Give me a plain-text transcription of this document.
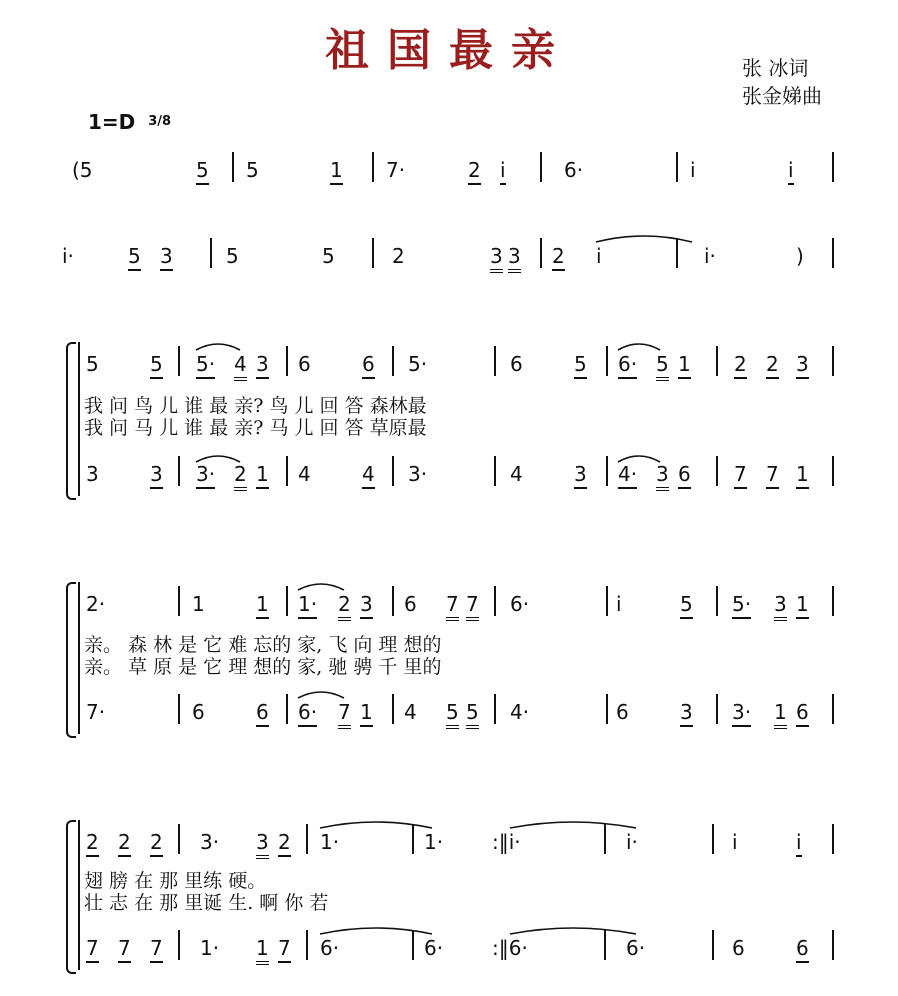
祖国最亲	张 冰词
张金娣曲
1=D $^{3/8}$
(5	5 5	1 7·	2 i	6·	i	i
i·	5 3	5	5	2	3 3 2 i	i·	)
5	5 5· 4 3 6	6 5·	6	5 6· 5 1 2 2 3
3	3 3· 2 1 4	4 3·	4	3 4· 3 6 7 7 1
我 问 鸟 儿 谁 最 亲? 鸟 儿 回 答 森林最
我 问 马 儿 谁 最 亲? 马 儿 回 答 草原最
2·	1	1 1· 2 3 6 7 7 6·	i	5 5· 3 1
7·	6	6 6· 7 1 4 5 5 4·	6	3 3· 1 6
亲。 森 林 是 它 难 忘的 家, 飞 向 理 想的
亲。 草 原 是 它 理 想的 家, 驰 骋 千 里的
2 2 2 3· 3 2 1·	1· :‖i·	i·	i	i
7 7 7 1· 1 7 6·	6· :‖6·	6·	6	6
翅 膀 在 那 里练 硬。
壮 志 在 那 里诞 生. 啊 你 若
